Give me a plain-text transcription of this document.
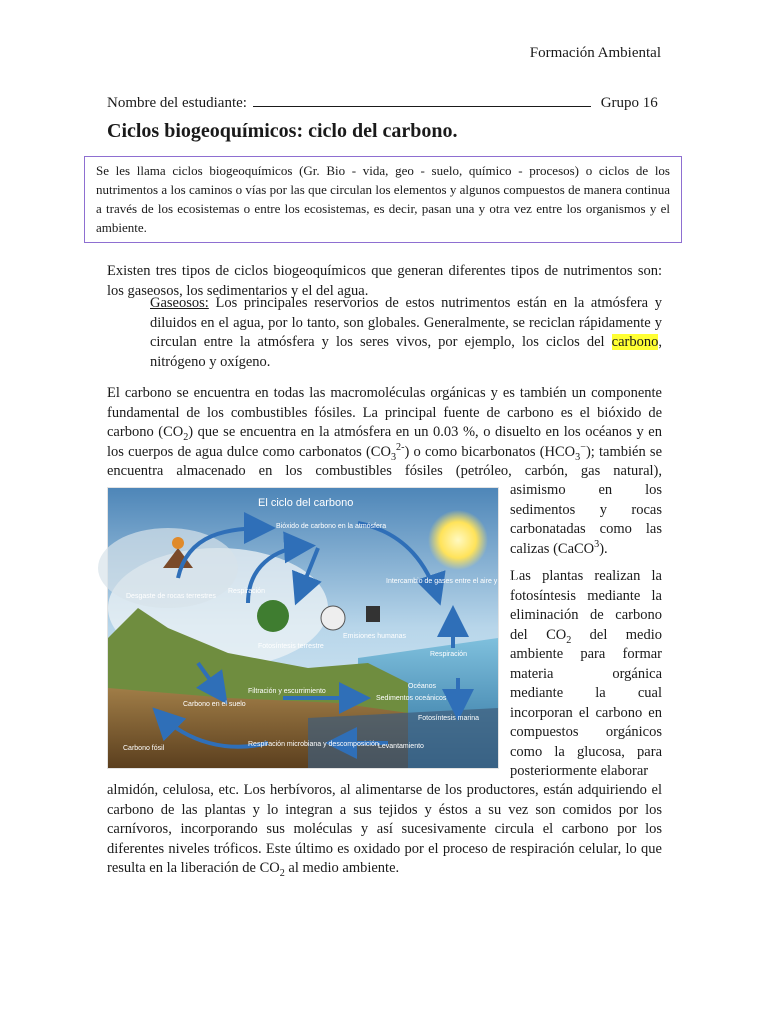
Formación Ambiental
Nombre del estudiante:	Grupo 16
Ciclos biogeoquímicos: ciclo del carbono.
Se les llama ciclos biogeoquímicos (Gr. Bio - vida, geo - suelo, químico - procesos) o ciclos de los nutrimentos a los caminos o vías por las que circulan los elementos y algunos compuestos de manera continua a través de los ecosistemas o entre los ecosistemas, es decir, pasan una y otra vez entre los organismos y el ambiente.
Existen tres tipos de ciclos biogeoquímicos que generan diferentes tipos de nutrimentos son: los gaseosos, los sedimentarios y el del agua.
Gaseosos: Los principales reservorios de estos nutrimentos están en la atmósfera y diluidos en el agua, por lo tanto, son globales. Generalmente, se reciclan rápidamente y circulan entre la atmósfera y los seres vivos, por ejemplo, los ciclos del carbono, nitrógeno y oxígeno.
El carbono se encuentra en todas las macromoléculas orgánicas y es también un componente fundamental de los combustibles fósiles. La principal fuente de carbono es el bióxido de carbono $(CO_2)$ que se encuentra en la atmósfera en un 0.03 %, o disuelto en los océanos y en los cuerpos de agua dulce como carbonatos $(CO_3^{2-})$ o como bicarbonatos $(HCO_3^-)$; también se encuentra almacenado en los combustibles fósiles (petróleo, carbón, gas natural),
asimismo en los sedimentos y rocas carbonatadas como las calizas (CaCO$^3$).
Las plantas realizan la fotosíntesis mediante la eliminación de carbono del $CO_2$ del medio ambiente para formar materia orgánica mediante la cual incorporan el carbono en compuestos orgánicos como la glucosa, para posteriormente elaborar
almidón, celulosa, etc. Los herbívoros, al alimentarse de los productores, están adquiriendo el carbono de las plantas y lo integran a sus tejidos y éstos a su vez son comidos por los carnívoros, incorporando sus moléculas y así sucesivamente circula el carbono por los diferentes niveles tróficos. Este último es oxidado por el proceso de respiración celular, lo que resulta en la liberación de $CO_2$ al medio ambiente.
El ciclo del carbono
Bióxido de carbono en la atmósfera
Desgaste de rocas terrestres
Respiración
Intercambio de gases entre el aire y el mar
Emisiones humanas
Respiración
Fotosíntesis terrestre
Océanos
Carbono en el suelo
Filtración y escurrimiento
Sedimentos oceánicos
Fotosíntesis marina
Carbono fósil
Respiración microbiana y descomposición Levantamiento
